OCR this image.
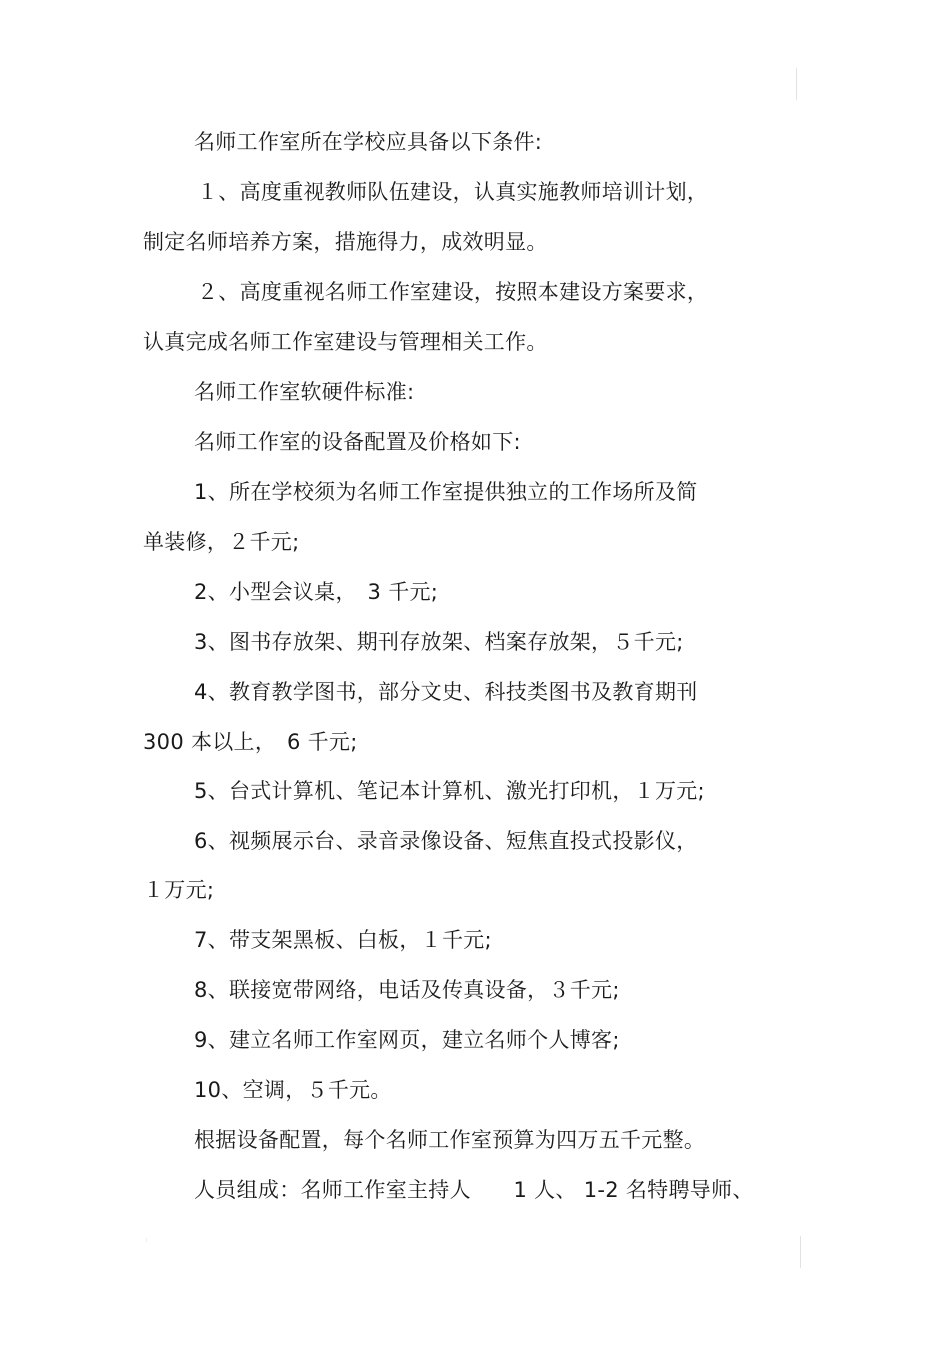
名师工作室所在学校应具备以下条件:
１、高度重视教师队伍建设，认真实施教师培训计划，
制定名师培养方案，措施得力，成效明显。
２、高度重视名师工作室建设，按照本建设方案要求，
认真完成名师工作室建设与管理相关工作。
名师工作室软硬件标准:
名师工作室的设备配置及价格如下:
1、所在学校须为名师工作室提供独立的工作场所及简
单装修，２千元;
2、小型会议桌，　3 千元;
3、图书存放架、期刊存放架、档案存放架，５千元;
4、教育教学图书，部分文史、科技类图书及教育期刊
300 本以上，　6 千元;
5、台式计算机、笔记本计算机、激光打印机，１万元;
6、视频展示台、录音录像设备、短焦直投式投影仪，
１万元;
7、带支架黑板、白板，１千元;
8、联接宽带网络，电话及传真设备，３千元;
9、建立名师工作室网页，建立名师个人博客;
10、空调，５千元。
根据设备配置，每个名师工作室预算为四万五千元整。
人员组成：名师工作室主持人　　1 人、 1-2 名特聘导师、
